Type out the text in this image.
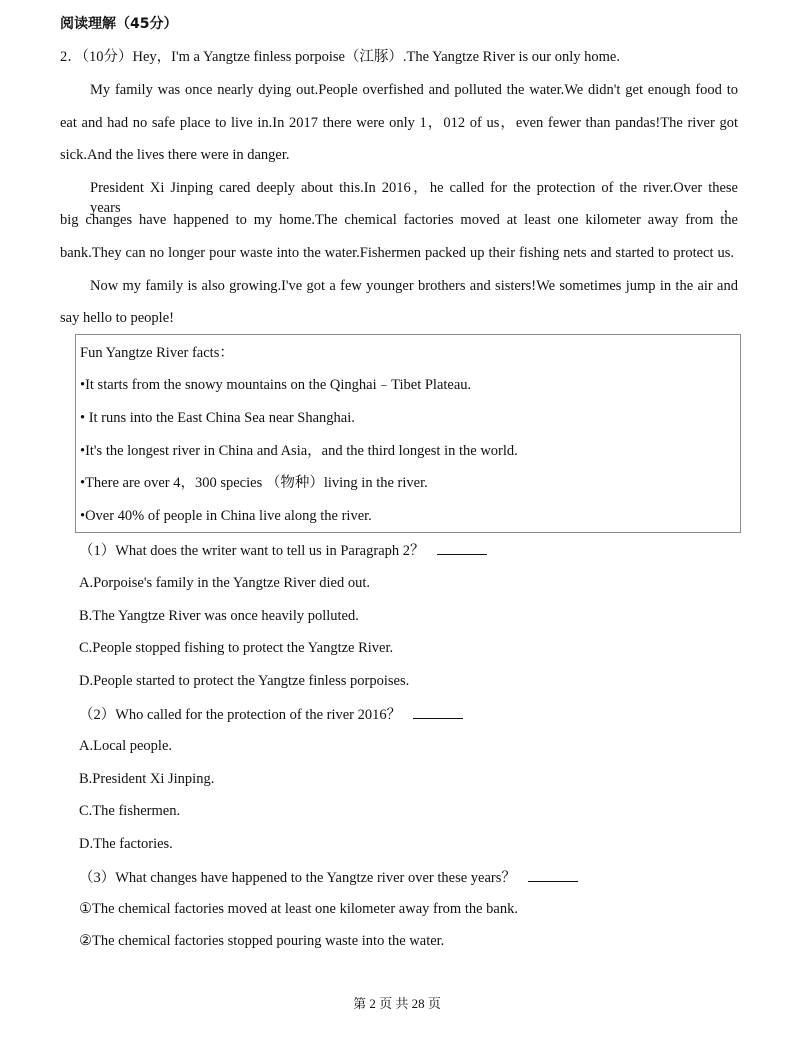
阅读理解（45分）
2．（10分）Hey，I'm a Yangtze finless porpoise（江豚）.The Yangtze River is our only home.
My family was once nearly dying out.People overfished and polluted the water.We didn't get enough food to
eat and had no safe place to live in.In 2017 there were only 1，012 of us，even fewer than pandas!The river got
sick.And the lives there were in danger.
President Xi Jinping cared deeply about this.In 2016，he called for the protection of the river.Over these years，
big changes have happened to my home.The chemical factories moved at least one kilometer away from the
bank.They can no longer pour waste into the water.Fishermen packed up their fishing nets and started to protect us.
Now my family is also growing.I've got a few younger brothers and sisters!We sometimes jump in the air and
say hello to people!
Fun Yangtze River facts：
•It starts from the snowy mountains on the Qinghai﹣Tibet Plateau.
• It runs into the East China Sea near Shanghai.
•It's the longest river in China and Asia，and the third longest in the world.
•There are over 4，300 species （物种）living in the river.
•Over 40% of people in China live along the river.
（1）What does the writer want to tell us in Paragraph 2？
A.Porpoise's family in the Yangtze River died out.
B.The Yangtze River was once heavily polluted.
C.People stopped fishing to protect the Yangtze River.
D.People started to protect the Yangtze finless porpoises.
（2）Who called for the protection of the river 2016？
A.Local people.
B.President Xi Jinping.
C.The fishermen.
D.The factories.
（3）What changes have happened to the Yangtze river over these years？
①The chemical factories moved at least one kilometer away from the bank.
②The chemical factories stopped pouring waste into the water.
第 2 页 共 28 页
